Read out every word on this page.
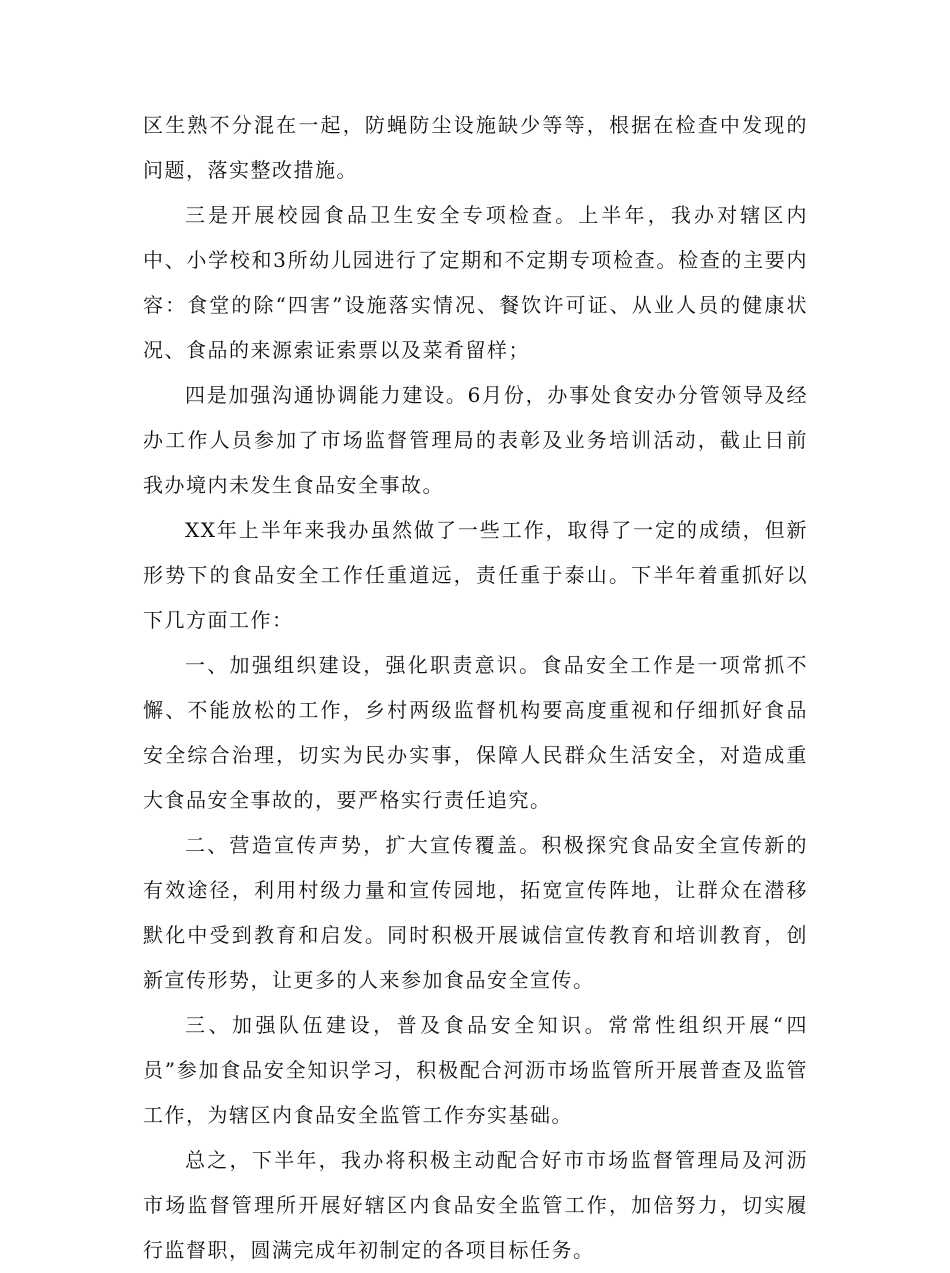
区生熟不分混在一起，防蝇防尘设施缺少等等，根据在检查中发现的问题，落实整改措施。

三是开展校园食品卫生安全专项检查。上半年，我办对辖区内中、小学校和3所幼儿园进行了定期和不定期专项检查。检查的主要内容：食堂的除“四害”设施落实情况、餐饮许可证、从业人员的健康状况、食品的来源索证索票以及菜肴留样；

四是加强沟通协调能力建设。6月份，办事处食安办分管领导及经办工作人员参加了市场监督管理局的表彰及业务培训活动，截止日前我办境内未发生食品安全事故。

XX年上半年来我办虽然做了一些工作，取得了一定的成绩，但新形势下的食品安全工作任重道远，责任重于泰山。下半年着重抓好以下几方面工作：

一、加强组织建设，强化职责意识。食品安全工作是一项常抓不懈、不能放松的工作，乡村两级监督机构要高度重视和仔细抓好食品安全综合治理，切实为民办实事，保障人民群众生活安全，对造成重大食品安全事故的，要严格实行责任追究。

二、营造宣传声势，扩大宣传覆盖。积极探究食品安全宣传新的有效途径，利用村级力量和宣传园地，拓宽宣传阵地，让群众在潜移默化中受到教育和启发。同时积极开展诚信宣传教育和培训教育，创新宣传形势，让更多的人来参加食品安全宣传。

三、加强队伍建设，普及食品安全知识。常常性组织开展“四员”参加食品安全知识学习，积极配合河沥市场监管所开展普查及监管工作，为辖区内食品安全监管工作夯实基础。

总之，下半年，我办将积极主动配合好市市场监督管理局及河沥市场监督管理所开展好辖区内食品安全监管工作，加倍努力，切实履行监督职，圆满完成年初制定的各项目标任务。
